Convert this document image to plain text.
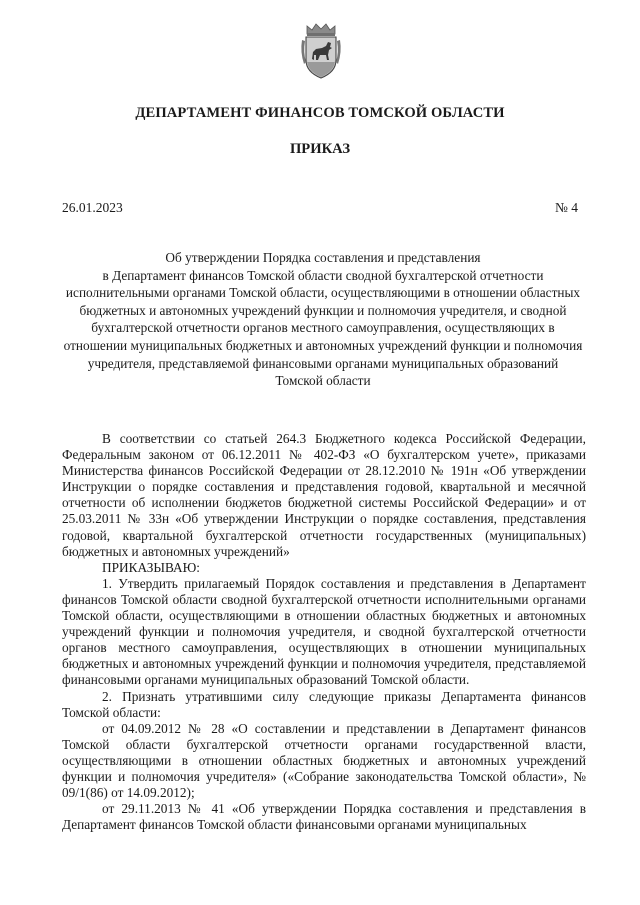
ДЕПАРТАМЕНТ ФИНАНСОВ ТОМСКОЙ ОБЛАСТИ
ПРИКАЗ
26.01.2023	№ 4
Об утверждении Порядка составления и представления
в Департамент финансов Томской области сводной бухгалтерской отчетности
исполнительными органами Томской области, осуществляющими в отношении областных
бюджетных и автономных учреждений функции и полномочия учредителя, и сводной
бухгалтерской отчетности органов местного самоуправления, осуществляющих в
отношении муниципальных бюджетных и автономных учреждений функции и полномочия
учредителя, представляемой финансовыми органами муниципальных образований
Томской области

В соответствии со статьей 264.3 Бюджетного кодекса Российской Федерации, Федеральным законом от 06.12.2011 № 402-ФЗ «О бухгалтерском учете», приказами Министерства финансов Российской Федерации от 28.12.2010 № 191н «Об утверждении Инструкции о порядке составления и представления годовой, квартальной и месячной отчетности об исполнении бюджетов бюджетной системы Российской Федерации» и от 25.03.2011 № 33н «Об утверждении Инструкции о порядке составления, представления годовой, квартальной бухгалтерской отчетности государственных (муниципальных) бюджетных и автономных учреждений»

ПРИКАЗЫВАЮ:

1. Утвердить прилагаемый Порядок составления и представления в Департамент финансов Томской области сводной бухгалтерской отчетности исполнительными органами Томской области, осуществляющими в отношении областных бюджетных и автономных учреждений функции и полномочия учредителя, и сводной бухгалтерской отчетности органов местного самоуправления, осуществляющих в отношении муниципальных бюджетных и автономных учреждений функции и полномочия учредителя, представляемой финансовыми органами муниципальных образований Томской области.

2. Признать утратившими силу следующие приказы Департамента финансов Томской области:

от 04.09.2012 № 28 «О составлении и представлении в Департамент финансов Томской области бухгалтерской отчетности органами государственной власти, осуществляющими в отношении областных бюджетных и автономных учреждений функции и полномочия учредителя» («Собрание законодательства Томской области», № 09/1(86) от 14.09.2012);

от 29.11.2013 № 41 «Об утверждении Порядка составления и представления в Департамент финансов Томской области финансовыми органами муниципальных
